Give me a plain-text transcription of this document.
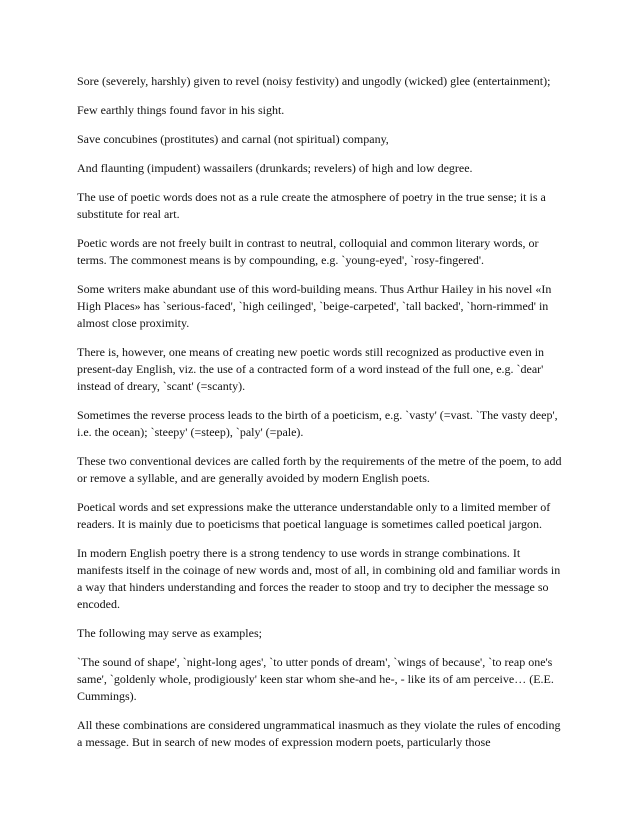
Sore (severely, harshly) given to revel (noisy festivity) and ungodly (wicked) glee (entertainment);

Few earthly things found favor in his sight.

Save concubines (prostitutes) and carnal (not spiritual) company,

And flaunting (impudent) wassailers (drunkards; revelers) of high and low degree.

The use of poetic words does not as a rule create the atmosphere of poetry in the true sense; it is a substitute for real art.

Poetic words are not freely built in contrast to neutral, colloquial and common literary words, or terms. The commonest means is by compounding, e.g. `young-eyed', `rosy-fingered'.

Some writers make abundant use of this word-building means. Thus Arthur Hailey in his novel «In High Places» has `serious-faced', `high ceilinged', `beige-carpeted', `tall backed', `horn-rimmed' in almost close proximity.

There is, however, one means of creating new poetic words still recognized as productive even in present-day English, viz. the use of a contracted form of a word instead of the full one, e.g. `dear' instead of dreary, `scant' (=scanty).

Sometimes the reverse process leads to the birth of a poeticism, e.g. `vasty' (=vast. `The vasty deep', i.e. the ocean); `steepy' (=steep), `paly' (=pale).

These two conventional devices are called forth by the requirements of the metre of the poem, to add or remove a syllable, and are generally avoided by modern English poets.

Poetical words and set expressions make the utterance understandable only to a limited member of readers. It is mainly due to poeticisms that poetical language is sometimes called poetical jargon.

In modern English poetry there is a strong tendency to use words in strange combinations. It manifests itself in the coinage of new words and, most of all, in combining old and familiar words in a way that hinders understanding and forces the reader to stoop and try to decipher the message so encoded.

The following may serve as examples;

`The sound of shape', `night-long ages', `to utter ponds of dream', `wings of because', `to reap one's same', `goldenly whole, prodigiously' keen star whom she-and he-, - like its of am perceive… (E.E. Cummings).

All these combinations are considered ungrammatical inasmuch as they violate the rules of encoding a message. But in search of new modes of expression modern poets, particularly those
